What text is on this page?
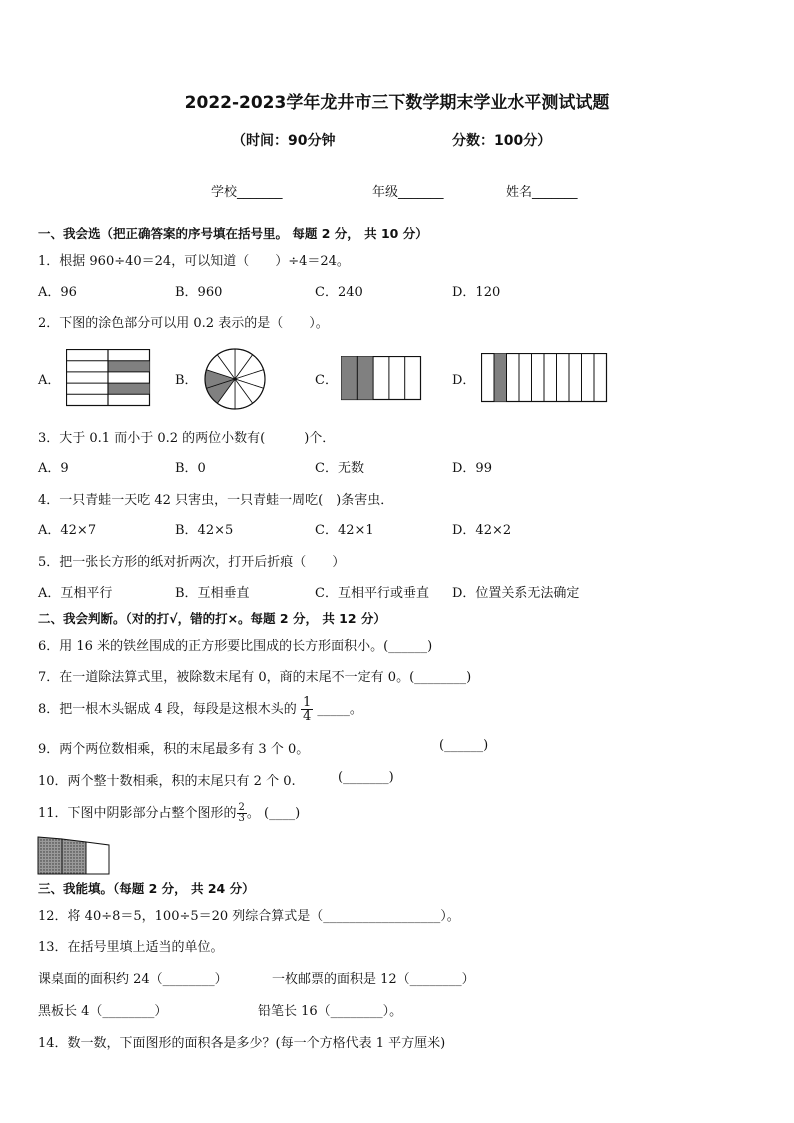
2022-2023学年龙井市三下数学期末学业水平测试试题
（时间：90分钟	分数：100分）
学校_______	年级_______	姓名_______
一、我会选（把正确答案的序号填在括号里。 每题 2 分， 共 10 分）
1．根据 960÷40＝24，可以知道（　　）÷4＝24。
A．96	B．960	C．240	D．120
2．下图的涂色部分可以用 0.2 表示的是（　　）。
A．	B．	C．	D．
3．大于 0.1 而小于 0.2 的两位小数有(　　　)个．
A．9	B．0	C．无数	D．99
4．一只青蛙一天吃 42 只害虫，一只青蛙一周吃(　)条害虫．
A．42×7	B．42×5	C．42×1	D．42×2
5．把一张长方形的纸对折两次，打开后折痕（　　）
A．互相平行	B．互相垂直	C．互相平行或垂直 D．位置关系无法确定
二、我会判断。（对的打√，错的打×。每题 2 分， 共 12 分）
6．用 16 米的铁丝围成的正方形要比围成的长方形面积小。(______)
7．在一道除法算式里，被除数末尾有 0，商的末尾不一定有 0。(________)
8．把一根木头锯成 4 段，每段是这根木头的 $\frac{1}{4}$ _____。
9．两个两位数相乘，积的末尾最多有 3 个 0。	(______)
10．两个整十数相乘，积的末尾只有 2 个 0.	(_______)
11．下图中阴影部分占整个图形的 $\frac{2}{3}$ 。 (____)
三、我能填。（每题 2 分， 共 24 分）
12．将 40÷8＝5，100÷5＝20 列综合算式是（__________________）。
13．在括号里填上适当的单位。
课桌面的面积约 24（________）	一枚邮票的面积是 12（________）
黑板长 4（________）	铅笔长 16（________）。
14．数一数，下面图形的面积各是多少？(每一个方格代表 1 平方厘米)
